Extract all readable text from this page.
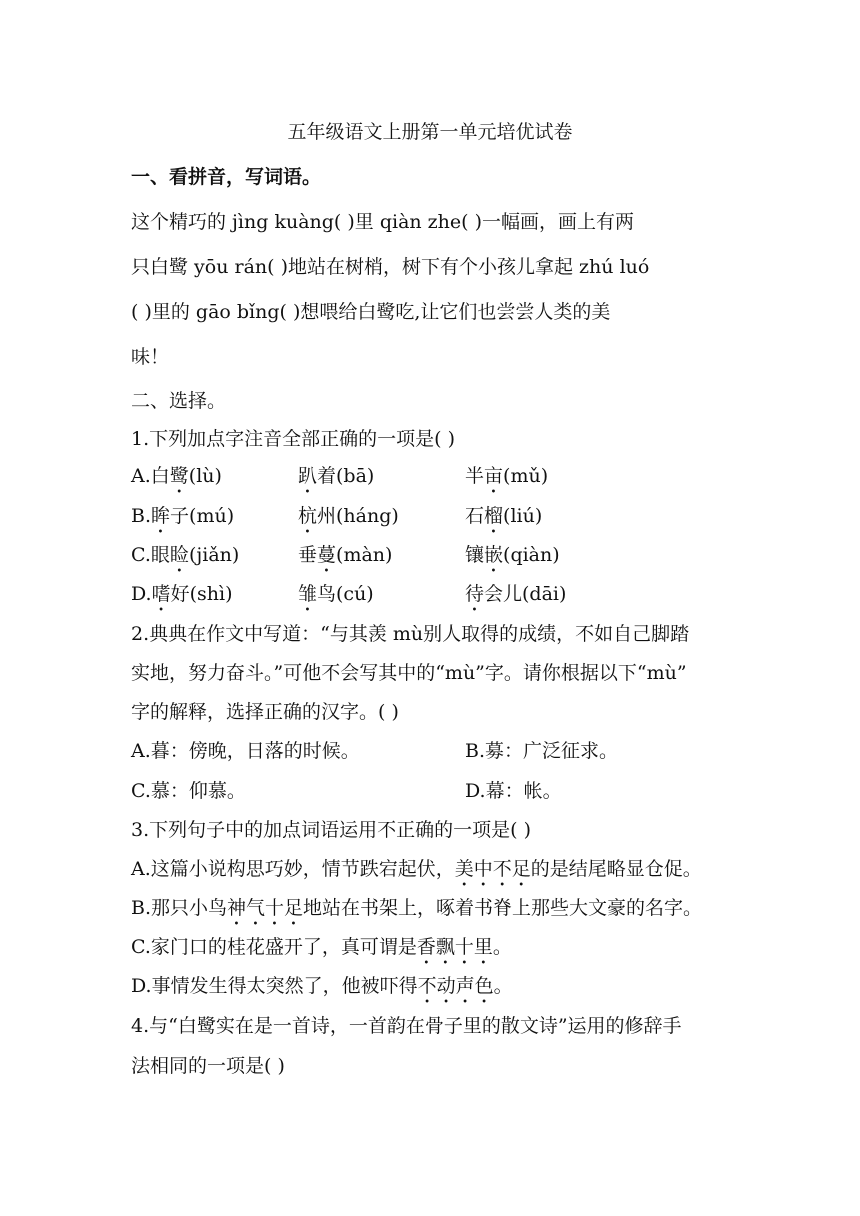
五年级语文上册第一单元培优试卷
一、看拼音，写词语。
这个精巧的 jìng kuàng( )里 qiàn zhe( )一幅画，画上有两
只白鹭 yōu rán( )地站在树梢，树下有个小孩儿拿起 zhú luó
( )里的 gāo bǐng( )想喂给白鹭吃,让它们也尝尝人类的美
味！
二、选择。
1.下列加点字注音全部正确的一项是( )
A.白鹭(lù)	趴着(bā)	半亩(mǔ)
B.眸子(mú)	杭州(háng)	石榴(liú)
C.眼睑(jiǎn)	垂蔓(màn)	镶嵌(qiàn)
D.嗜好(shì)	雏鸟(cú)	待会儿(dāi)
2.典典在作文中写道：“与其羡 mù别人取得的成绩，不如自己脚踏
实地，努力奋斗。”可他不会写其中的“mù”字。请你根据以下“mù”
字的解释，选择正确的汉字。( )
A.暮：傍晚，日落的时候。	B.募：广泛征求。
C.慕：仰慕。	D.幕：帐。
3.下列句子中的加点词语运用不正确的一项是( )
A.这篇小说构思巧妙，情节跌宕起伏，美中不足的是结尾略显仓促。
B.那只小鸟神气十足地站在书架上，啄着书脊上那些大文豪的名字。
C.家门口的桂花盛开了，真可谓是香飘十里。
D.事情发生得太突然了，他被吓得不动声色。
4.与“白鹭实在是一首诗，一首韵在骨子里的散文诗”运用的修辞手
法相同的一项是( )
